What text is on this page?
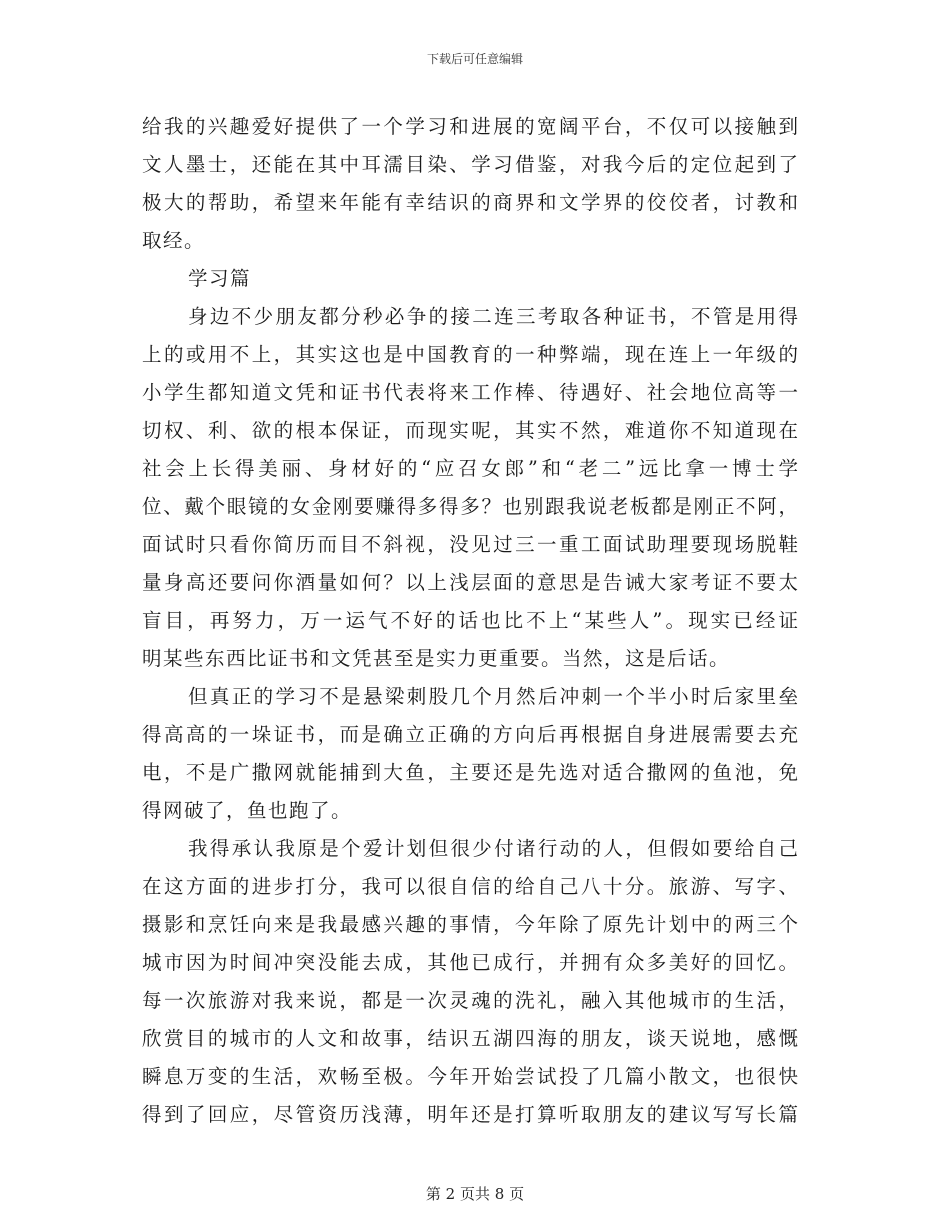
下载后可任意编辑
给我的兴趣爱好提供了一个学习和进展的宽阔平台，不仅可以接触到
文人墨士，还能在其中耳濡目染、学习借鉴，对我今后的定位起到了
极大的帮助，希望来年能有幸结识的商界和文学界的佼佼者，讨教和
取经。
学习篇
身边不少朋友都分秒必争的接二连三考取各种证书，不管是用得
上的或用不上，其实这也是中国教育的一种弊端，现在连上一年级的
小学生都知道文凭和证书代表将来工作棒、待遇好、社会地位高等一
切权、利、欲的根本保证，而现实呢，其实不然，难道你不知道现在
社会上长得美丽、身材好的“应召女郎”和“老二”远比拿一博士学
位、戴个眼镜的女金刚要赚得多得多？也别跟我说老板都是刚正不阿，
面试时只看你简历而目不斜视，没见过三一重工面试助理要现场脱鞋
量身高还要问你酒量如何？以上浅层面的意思是告诫大家考证不要太
盲目，再努力，万一运气不好的话也比不上“某些人”。现实已经证
明某些东西比证书和文凭甚至是实力更重要。当然，这是后话。
但真正的学习不是悬梁刺股几个月然后冲刺一个半小时后家里垒
得高高的一垛证书，而是确立正确的方向后再根据自身进展需要去充
电，不是广撒网就能捕到大鱼，主要还是先选对适合撒网的鱼池，免
得网破了，鱼也跑了。
我得承认我原是个爱计划但很少付诸行动的人，但假如要给自己
在这方面的进步打分，我可以很自信的给自己八十分。旅游、写字、
摄影和烹饪向来是我最感兴趣的事情，今年除了原先计划中的两三个
城市因为时间冲突没能去成，其他已成行，并拥有众多美好的回忆。
每一次旅游对我来说，都是一次灵魂的洗礼，融入其他城市的生活，
欣赏目的城市的人文和故事，结识五湖四海的朋友，谈天说地，感慨
瞬息万变的生活，欢畅至极。今年开始尝试投了几篇小散文，也很快
得到了回应，尽管资历浅薄，明年还是打算听取朋友的建议写写长篇
第 2 页共 8 页
